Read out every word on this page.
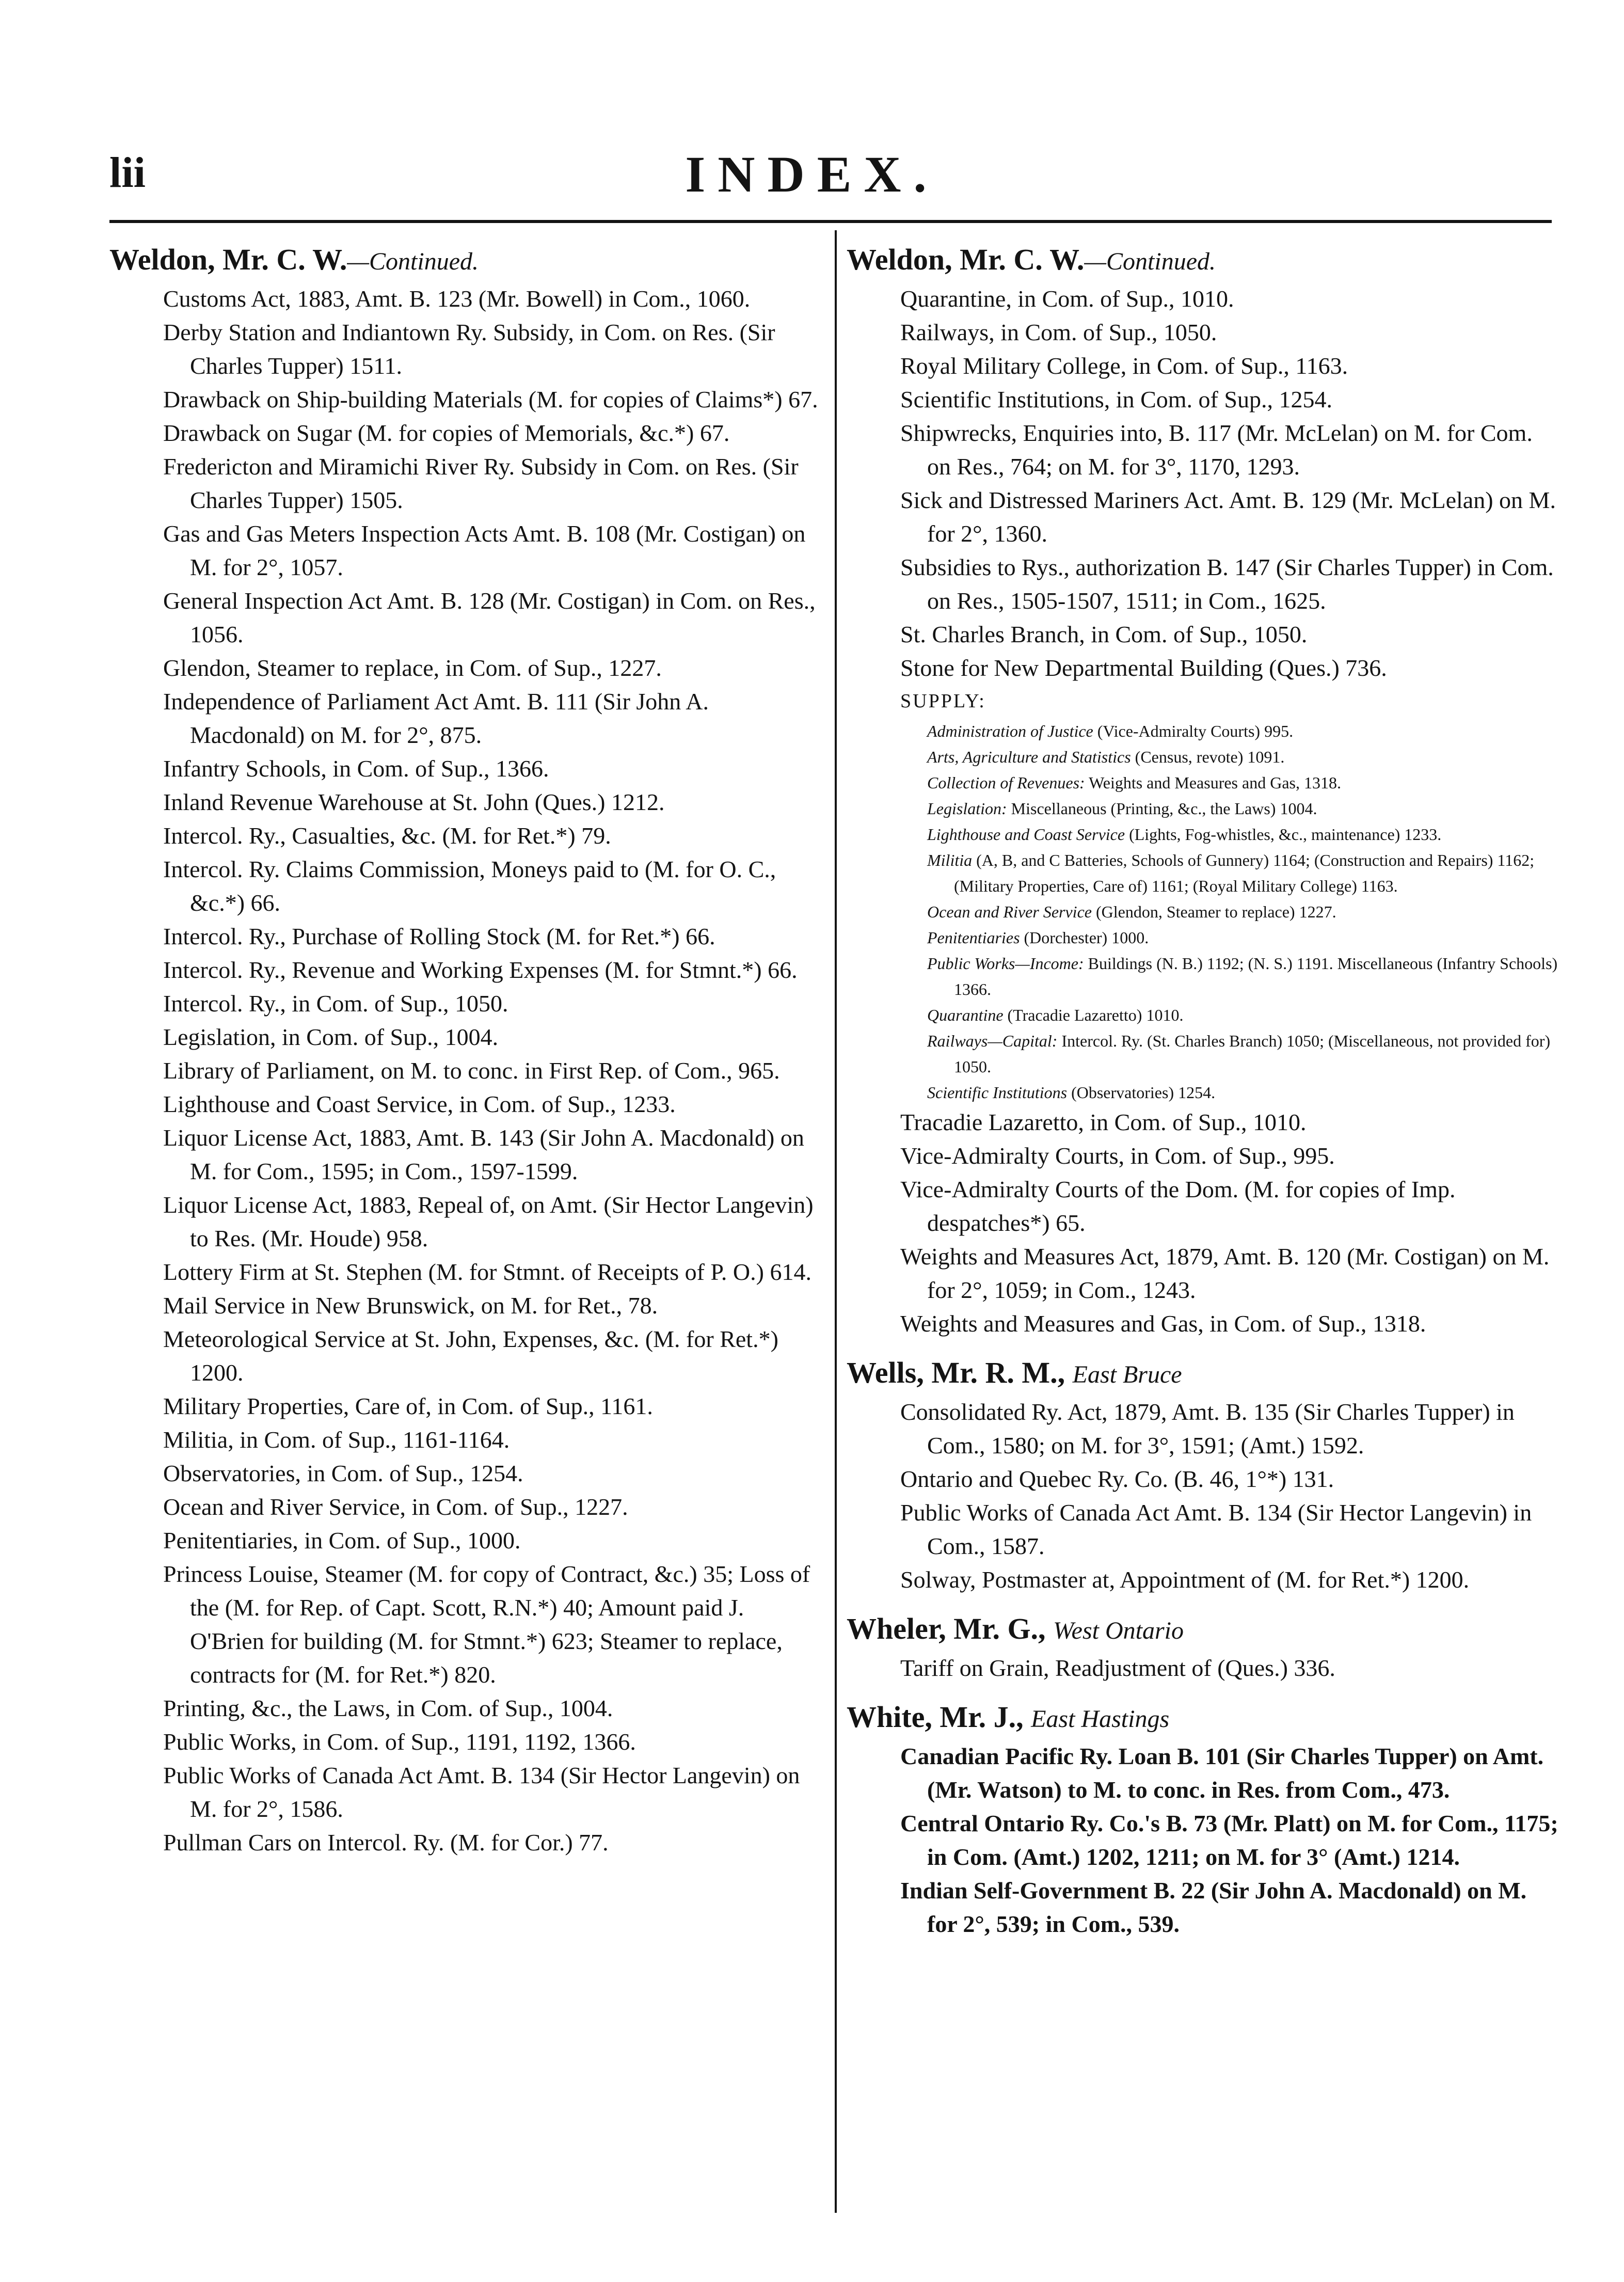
lii	INDEX.
Weldon, Mr. C. W.—Continued.

Customs Act, 1883, Amt. B. 123 (Mr. Bowell) in Com., 1060.

Derby Station and Indiantown Ry. Subsidy, in Com. on Res. (Sir Charles Tupper) 1511.

Drawback on Ship-building Materials (M. for copies of Claims*) 67.

Drawback on Sugar (M. for copies of Memorials, &c.*) 67.

Fredericton and Miramichi River Ry. Subsidy in Com. on Res. (Sir Charles Tupper) 1505.

Gas and Gas Meters Inspection Acts Amt. B. 108 (Mr. Costigan) on M. for 2°, 1057.

General Inspection Act Amt. B. 128 (Mr. Costigan) in Com. on Res., 1056.

Glendon, Steamer to replace, in Com. of Sup., 1227.

Independence of Parliament Act Amt. B. 111 (Sir John A. Macdonald) on M. for 2°, 875.

Infantry Schools, in Com. of Sup., 1366.

Inland Revenue Warehouse at St. John (Ques.) 1212.

Intercol. Ry., Casualties, &c. (M. for Ret.*) 79.

Intercol. Ry. Claims Commission, Moneys paid to (M. for O. C., &c.*) 66.

Intercol. Ry., Purchase of Rolling Stock (M. for Ret.*) 66.

Intercol. Ry., Revenue and Working Expenses (M. for Stmnt.*) 66.

Intercol. Ry., in Com. of Sup., 1050.

Legislation, in Com. of Sup., 1004.

Library of Parliament, on M. to conc. in First Rep. of Com., 965.

Lighthouse and Coast Service, in Com. of Sup., 1233.

Liquor License Act, 1883, Amt. B. 143 (Sir John A. Macdonald) on M. for Com., 1595; in Com., 1597-1599.

Liquor License Act, 1883, Repeal of, on Amt. (Sir Hector Langevin) to Res. (Mr. Houde) 958.

Lottery Firm at St. Stephen (M. for Stmnt. of Receipts of P. O.) 614.

Mail Service in New Brunswick, on M. for Ret., 78.

Meteorological Service at St. John, Expenses, &c. (M. for Ret.*) 1200.

Military Properties, Care of, in Com. of Sup., 1161.

Militia, in Com. of Sup., 1161-1164.

Observatories, in Com. of Sup., 1254.

Ocean and River Service, in Com. of Sup., 1227.

Penitentiaries, in Com. of Sup., 1000.

Princess Louise, Steamer (M. for copy of Contract, &c.) 35; Loss of the (M. for Rep. of Capt. Scott, R.N.*) 40; Amount paid J. O'Brien for building (M. for Stmnt.*) 623; Steamer to replace, contracts for (M. for Ret.*) 820.

Printing, &c., the Laws, in Com. of Sup., 1004.

Public Works, in Com. of Sup., 1191, 1192, 1366.

Public Works of Canada Act Amt. B. 134 (Sir Hector Langevin) on M. for 2°, 1586.

Pullman Cars on Intercol. Ry. (M. for Cor.) 77.

Weldon, Mr. C. W.—Continued.

Quarantine, in Com. of Sup., 1010.

Railways, in Com. of Sup., 1050.

Royal Military College, in Com. of Sup., 1163.

Scientific Institutions, in Com. of Sup., 1254.

Shipwrecks, Enquiries into, B. 117 (Mr. McLelan) on M. for Com. on Res., 764; on M. for 3°, 1170, 1293.

Sick and Distressed Mariners Act. Amt. B. 129 (Mr. McLelan) on M. for 2°, 1360.

Subsidies to Rys., authorization B. 147 (Sir Charles Tupper) in Com. on Res., 1505-1507, 1511; in Com., 1625.

St. Charles Branch, in Com. of Sup., 1050.

Stone for New Departmental Building (Ques.) 736.

SUPPLY:

Administration of Justice (Vice-Admiralty Courts) 995.

Arts, Agriculture and Statistics (Census, revote) 1091.

Collection of Revenues: Weights and Measures and Gas, 1318.

Legislation: Miscellaneous (Printing, &c., the Laws) 1004.

Lighthouse and Coast Service (Lights, Fog-whistles, &c., maintenance) 1233.

Militia (A, B, and C Batteries, Schools of Gunnery) 1164; (Construction and Repairs) 1162; (Military Properties, Care of) 1161; (Royal Military College) 1163.

Ocean and River Service (Glendon, Steamer to replace) 1227.

Penitentiaries (Dorchester) 1000.

Public Works—Income: Buildings (N. B.) 1192; (N. S.) 1191. Miscellaneous (Infantry Schools) 1366.

Quarantine (Tracadie Lazaretto) 1010.

Railways—Capital: Intercol. Ry. (St. Charles Branch) 1050; (Miscellaneous, not provided for) 1050.

Scientific Institutions (Observatories) 1254.

Tracadie Lazaretto, in Com. of Sup., 1010.

Vice-Admiralty Courts, in Com. of Sup., 995.

Vice-Admiralty Courts of the Dom. (M. for copies of Imp. despatches*) 65.

Weights and Measures Act, 1879, Amt. B. 120 (Mr. Costigan) on M. for 2°, 1059; in Com., 1243.

Weights and Measures and Gas, in Com. of Sup., 1318.

Wells, Mr. R. M., East Bruce

Consolidated Ry. Act, 1879, Amt. B. 135 (Sir Charles Tupper) in Com., 1580; on M. for 3°, 1591; (Amt.) 1592.

Ontario and Quebec Ry. Co. (B. 46, 1°*) 131.

Public Works of Canada Act Amt. B. 134 (Sir Hector Langevin) in Com., 1587.

Solway, Postmaster at, Appointment of (M. for Ret.*) 1200.

Wheler, Mr. G., West Ontario

Tariff on Grain, Readjustment of (Ques.) 336.

White, Mr. J., East Hastings

Canadian Pacific Ry. Loan B. 101 (Sir Charles Tupper) on Amt. (Mr. Watson) to M. to conc. in Res. from Com., 473.

Central Ontario Ry. Co.'s B. 73 (Mr. Platt) on M. for Com., 1175; in Com. (Amt.) 1202, 1211; on M. for 3° (Amt.) 1214.

Indian Self-Government B. 22 (Sir John A. Macdonald) on M. for 2°, 539; in Com., 539.
